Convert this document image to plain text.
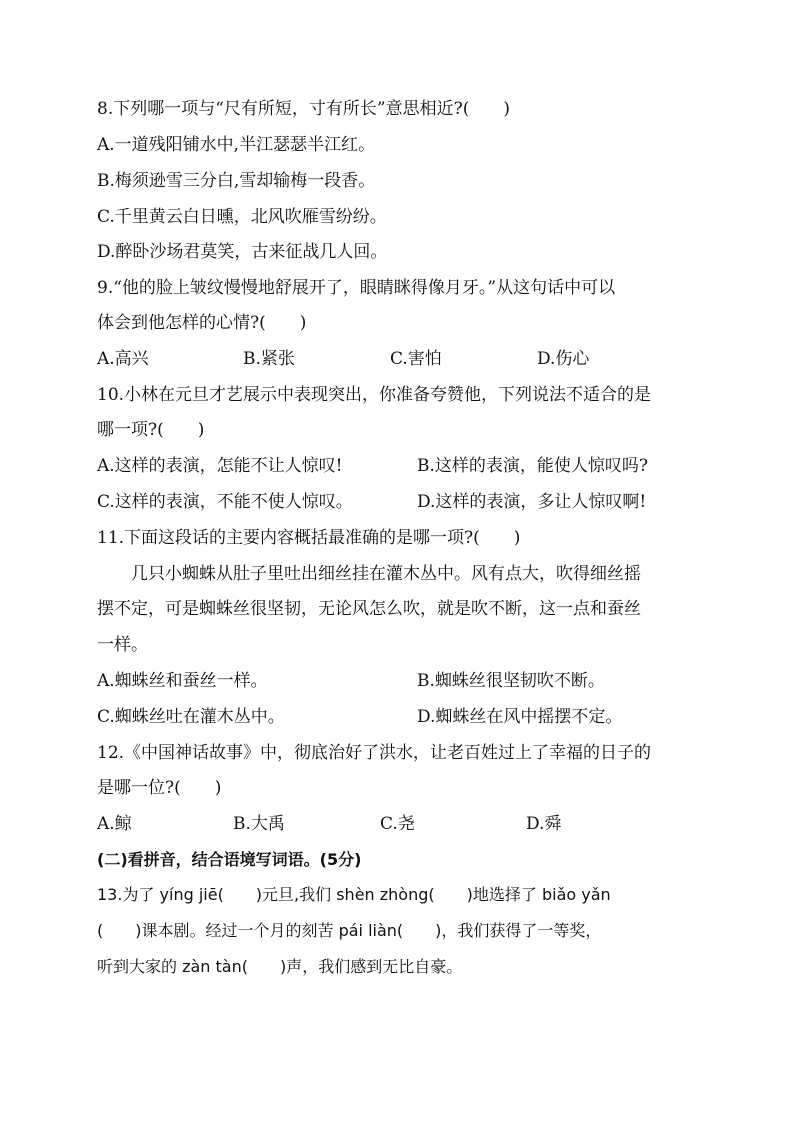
8.下列哪一项与“尺有所短，寸有所长”意思相近?(　　)
A.一道残阳铺水中,半江瑟瑟半江红。
B.梅须逊雪三分白,雪却输梅一段香。
C.千里黄云白日曛，北风吹雁雪纷纷。
D.醉卧沙场君莫笑，古来征战几人回。
9.“他的脸上皱纹慢慢地舒展开了，眼睛眯得像月牙。”从这句话中可以
体会到他怎样的心情?(　　)
A.高兴	B.紧张	C.害怕	D.伤心
10.小林在元旦才艺展示中表现突出，你准备夸赞他，下列说法不适合的是
哪一项?(　　)
A.这样的表演，怎能不让人惊叹!	B.这样的表演，能使人惊叹吗?
C.这样的表演，不能不使人惊叹。	D.这样的表演，多让人惊叹啊!
11.下面这段话的主要内容概括最准确的是哪一项?(　　)
几只小蜘蛛从肚子里吐出细丝挂在灌木丛中。风有点大，吹得细丝摇
摆不定，可是蜘蛛丝很坚韧，无论风怎么吹，就是吹不断，这一点和蚕丝
一样。
A.蜘蛛丝和蚕丝一样。	B.蜘蛛丝很坚韧吹不断。
C.蜘蛛丝吐在灌木丛中。	D.蜘蛛丝在风中摇摆不定。
12.《中国神话故事》中，彻底治好了洪水，让老百姓过上了幸福的日子的
是哪一位?(　　)
A.鲸	B.大禹	C.尧	D.舜
(二)看拼音，结合语境写词语。(5分)
13.为了 yíng jiē(　　)元旦,我们 shèn zhòng(　　)地选择了 biǎo yǎn
(　　)课本剧。经过一个月的刻苦 pái liàn(　　)，我们获得了一等奖，
听到大家的 zàn tàn(　　)声，我们感到无比自豪。
